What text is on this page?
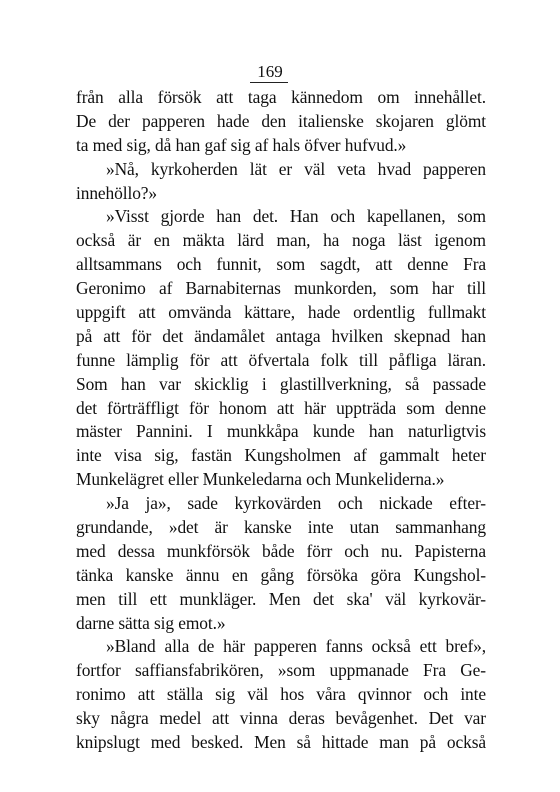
169
från alla försök att taga kännedom om innehållet.
De der papperen hade den italienske skojaren glömt
ta med sig, då han gaf sig af hals öfver hufvud.»
»Nå, kyrkoherden lät er väl veta hvad papperen
innehöllo?»
»Visst gjorde han det. Han och kapellanen, som
också är en mäkta lärd man, ha noga läst igenom
alltsammans och funnit, som sagdt, att denne Fra
Geronimo af Barnabiternas munkorden, som har till
uppgift att omvända kättare, hade ordentlig fullmakt
på att för det ändamålet antaga hvilken skepnad han
funne lämplig för att öfvertala folk till påfliga läran.
Som han var skicklig i glastillverkning, så passade
det förträffligt för honom att här uppträda som denne
mäster Pannini. I munkkåpa kunde han naturligtvis
inte visa sig, fastän Kungsholmen af gammalt heter
Munkelägret eller Munkeledarna och Munkeliderna.»
»Ja ja», sade kyrkovärden och nickade efter-
grundande, »det är kanske inte utan sammanhang
med dessa munkförsök både förr och nu. Papisterna
tänka kanske ännu en gång försöka göra Kungshol-
men till ett munkläger. Men det ska' väl kyrkovär-
darne sätta sig emot.»
»Bland alla de här papperen fanns också ett bref»,
fortfor saffiansfabrikören, »som uppmanade Fra Ge-
ronimo att ställa sig väl hos våra qvinnor och inte
sky några medel att vinna deras bevågenhet. Det var
knipslugt med besked. Men så hittade man på också
